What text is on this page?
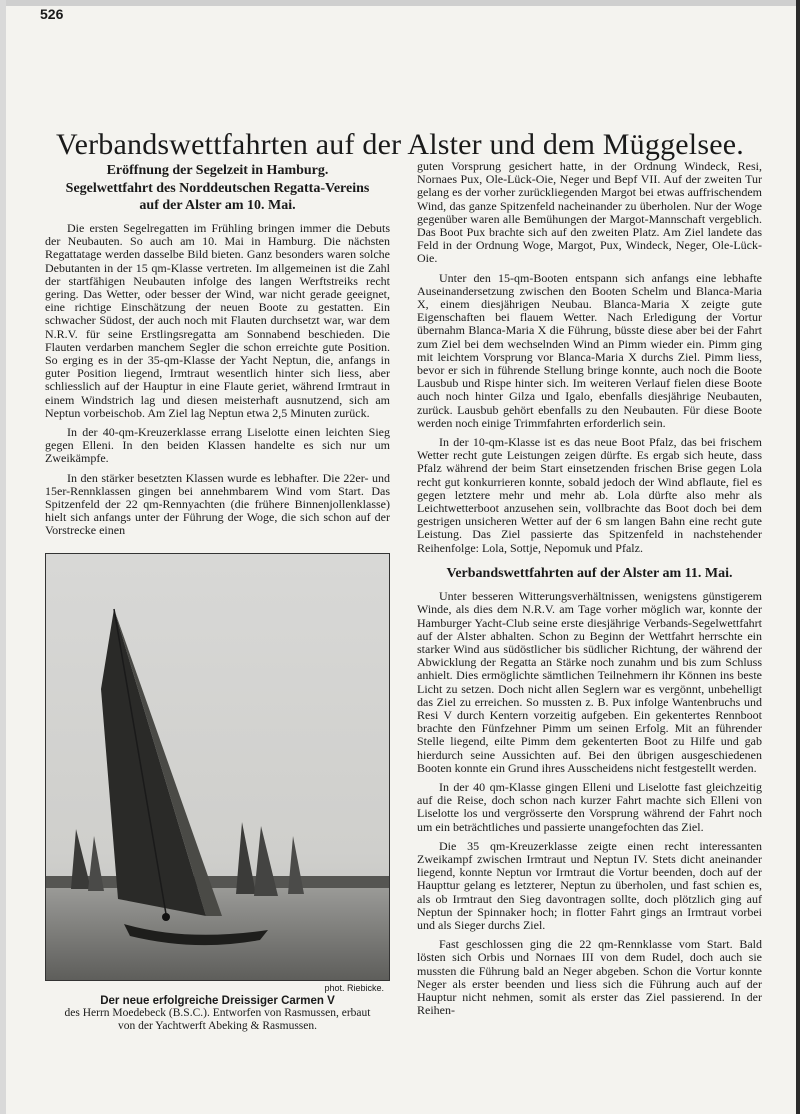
526
Verbandswettfahrten auf der Alster und dem Müggelsee.
Eröffnung der Segelzeit in Hamburg.
Segelwettfahrt des Norddeutschen Regatta-Vereins
auf der Alster am 10. Mai.

Die ersten Segelregatten im Frühling bringen immer die Debuts der Neubauten. So auch am 10. Mai in Hamburg. Die nächsten Regattatage werden dasselbe Bild bieten. Ganz besonders waren solche Debutanten in der 15 qm-Klasse vertreten. Im allgemeinen ist die Zahl der startfähigen Neubauten infolge des langen Werftstreiks recht gering. Das Wetter, oder besser der Wind, war nicht gerade geeignet, eine richtige Einschätzung der neuen Boote zu gestatten. Ein schwacher Südost, der auch noch mit Flauten durchsetzt war, war dem N.R.V. für seine Erstlingsregatta am Sonnabend beschieden. Die Flauten verdarben manchem Segler die schon erreichte gute Position. So erging es in der 35-qm-Klasse der Yacht Neptun, die, anfangs in guter Position liegend, Irmtraut wesentlich hinter sich liess, aber schliesslich auf der Hauptur in eine Flaute geriet, während Irmtraut in einem Windstrich lag und diesen meisterhaft ausnutzend, sich am Neptun vorbeischob. Am Ziel lag Neptun etwa 2,5 Minuten zurück.

In der 40-qm-Kreuzerklasse errang Liselotte einen leichten Sieg gegen Elleni. In den beiden Klassen handelte es sich nur um Zweikämpfe.

In den stärker besetzten Klassen wurde es lebhafter. Die 22er- und 15er-Rennklassen gingen bei annehmbarem Wind vom Start. Das Spitzenfeld der 22 qm-Rennyachten (die frühere Binnenjollenklasse) hielt sich anfangs unter der Führung der Woge, die sich schon auf der Vorstrecke einen

phot. Riebicke.
Der neue erfolgreiche Dreissiger Carmen V
des Herrn Moedebeck (B.S.C.). Entworfen von Rasmussen, erbaut
von der Yachtwerft Abeking & Rasmussen.

guten Vorsprung gesichert hatte, in der Ordnung Windeck, Resi, Nornaes Pux, Ole-Lück-Oie, Neger und Bepf VII. Auf der zweiten Tur gelang es der vorher zurückliegenden Margot bei etwas auffrischendem Wind, das ganze Spitzenfeld nacheinander zu überholen. Nur der Woge gegenüber waren alle Bemühungen der Margot-Mannschaft vergeblich. Das Boot Pux brachte sich auf den zweiten Platz. Am Ziel landete das Feld in der Ordnung Woge, Margot, Pux, Windeck, Neger, Ole-Lück-Oie.

Unter den 15-qm-Booten entspann sich anfangs eine lebhafte Auseinandersetzung zwischen den Booten Schelm und Blanca-Maria X, einem diesjährigen Neubau. Blanca-Maria X zeigte gute Eigenschaften bei flauem Wetter. Nach Erledigung der Vortur übernahm Blanca-Maria X die Führung, büsste diese aber bei der Fahrt zum Ziel bei dem wechselnden Wind an Pimm wieder ein. Pimm ging mit leichtem Vorsprung vor Blanca-Maria X durchs Ziel. Pimm liess, bevor er sich in führende Stellung bringe konnte, auch noch die Boote Lausbub und Rispe hinter sich. Im weiteren Verlauf fielen diese Boote auch noch hinter Gilza und Igalo, ebenfalls diesjährige Neubauten, zurück. Lausbub gehört ebenfalls zu den Neubauten. Für diese Boote werden noch einige Trimmfahrten erforderlich sein.

In der 10-qm-Klasse ist es das neue Boot Pfalz, das bei frischem Wetter recht gute Leistungen zeigen dürfte. Es ergab sich heute, dass Pfalz während der beim Start einsetzenden frischen Brise gegen Lola recht gut konkurrieren konnte, sobald jedoch der Wind abflaute, fiel es gegen letztere mehr und mehr ab. Lola dürfte also mehr als Leichtwetterboot anzusehen sein, vollbrachte das Boot doch bei dem gestrigen unsicheren Wetter auf der 6 sm langen Bahn eine recht gute Leistung. Das Ziel passierte das Spitzenfeld in nachstehender Reihenfolge: Lola, Sottje, Nepomuk und Pfalz.

Verbandswettfahrten auf der Alster am 11. Mai.

Unter besseren Witterungsverhältnissen, wenigstens günstigerem Winde, als dies dem N.R.V. am Tage vorher möglich war, konnte der Hamburger Yacht-Club seine erste diesjährige Verbands-Segelwettfahrt auf der Alster abhalten. Schon zu Beginn der Wettfahrt herrschte ein starker Wind aus südöstlicher bis südlicher Richtung, der während der Abwicklung der Regatta an Stärke noch zunahm und bis zum Schluss anhielt. Dies ermöglichte sämtlichen Teilnehmern ihr Können ins beste Licht zu setzen. Doch nicht allen Seglern war es vergönnt, unbehelligt das Ziel zu erreichen. So mussten z. B. Pux infolge Wantenbruchs und Resi V durch Kentern vorzeitig aufgeben. Ein gekentertes Rennboot brachte den Fünfzehner Pimm um seinen Erfolg. Mit an führender Stelle liegend, eilte Pimm dem gekenterten Boot zu Hilfe und gab hierdurch seine Aussichten auf. Bei den übrigen ausgeschiedenen Booten konnte ein Grund ihres Ausscheidens nicht festgestellt werden.

In der 40 qm-Klasse gingen Elleni und Liselotte fast gleichzeitig auf die Reise, doch schon nach kurzer Fahrt machte sich Elleni von Liselotte los und vergrösserte den Vorsprung während der Fahrt noch um ein beträchtliches und passierte unangefochten das Ziel.

Die 35 qm-Kreuzerklasse zeigte einen recht interessanten Zweikampf zwischen Irmtraut und Neptun IV. Stets dicht aneinander liegend, konnte Neptun vor Irmtraut die Vortur beenden, doch auf der Haupttur gelang es letzterer, Neptun zu überholen, und fast schien es, als ob Irmtraut den Sieg davontragen sollte, doch plötzlich ging auf Neptun der Spinnaker hoch; in flotter Fahrt gings an Irmtraut vorbei und als Sieger durchs Ziel.

Fast geschlossen ging die 22 qm-Rennklasse vom Start. Bald lösten sich Orbis und Nornaes III von dem Rudel, doch auch sie mussten die Führung bald an Neger abgeben. Schon die Vortur konnte Neger als erster beenden und liess sich die Führung auch auf der Hauptur nicht nehmen, somit als erster das Ziel passierend. In der Reihen-
